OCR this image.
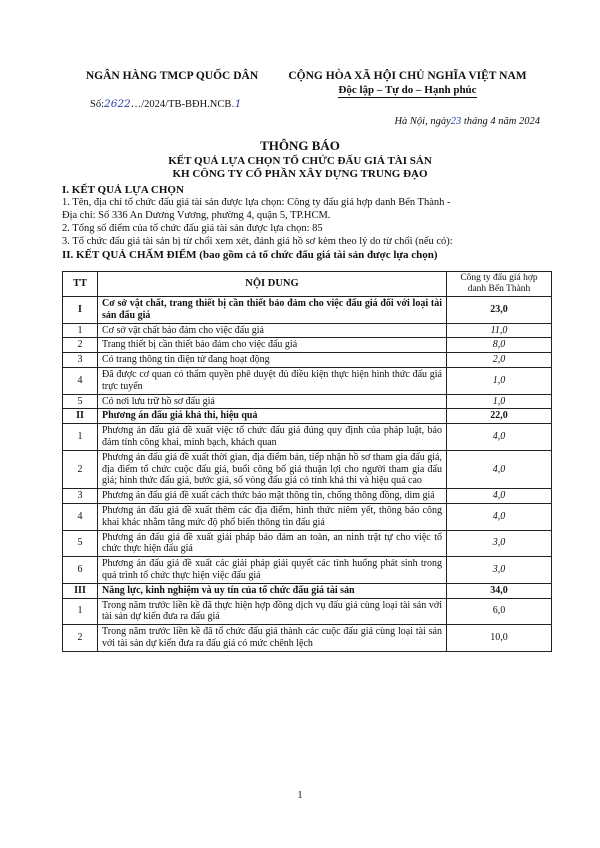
NGÂN HÀNG TMCP QUỐC DÂN	CỘNG HÒA XÃ HỘI CHỦ NGHĨA VIỆT NAM
Độc lập – Tự do – Hạnh phúc
Số:2622…/2024/TB-BĐH.NCB.1
Hà Nội, ngày23 tháng 4 năm 2024
THÔNG BÁO
KẾT QUẢ LỰA CHỌN TỔ CHỨC ĐẤU GIÁ TÀI SẢN
KH CÔNG TY CỔ PHẦN XÂY DỰNG TRUNG ĐẠO
I. KẾT QUẢ LỰA CHỌN
1. Tên, địa chỉ tổ chức đấu giá tài sản được lựa chọn: Công ty đấu giá hợp danh Bến Thành -
Địa chỉ: Số 336 An Dương Vương, phường 4, quận 5, TP.HCM.
2. Tổng số điểm của tổ chức đấu giá tài sản được lựa chọn: 85
3. Tổ chức đấu giá tài sản bị từ chối xem xét, đánh giá hồ sơ kèm theo lý do từ chối (nếu có):
II. KẾT QUẢ CHẤM ĐIỂM (bao gồm cả tổ chức đấu giá tài sản được lựa chọn)
TT	NỘI DUNG	Công ty đấu giá hợp danh Bến Thành
I	Cơ sở vật chất, trang thiết bị cần thiết bảo đảm cho việc đấu giá đối với loại tài sản đấu giá	23,0
1	Cơ sở vật chất bảo đảm cho việc đấu giá	11,0
2	Trang thiết bị cần thiết bảo đảm cho việc đấu giá	8,0
3	Có trang thông tin điện tử đang hoạt động	2,0
4	Đã được cơ quan có thẩm quyền phê duyệt đủ điều kiện thực hiện hình thức đấu giá trực tuyến	1,0
5	Có nơi lưu trữ hồ sơ đấu giá	1,0
II	Phương án đấu giá khả thi, hiệu quả	22,0
1	Phương án đấu giá đề xuất việc tổ chức đấu giá đúng quy định của pháp luật, bảo đảm tính công khai, minh bạch, khách quan	4,0
2	Phương án đấu giá đề xuất thời gian, địa điểm bán, tiếp nhận hồ sơ tham gia đấu giá, địa điểm tổ chức cuộc đấu giá, buổi công bố giá thuận lợi cho người tham gia đấu giá; hình thức đấu giá, bước giá, số vòng đấu giá có tính khả thi và hiệu quả cao	4,0
3	Phương án đấu giá đề xuất cách thức bảo mật thông tin, chống thông đồng, dìm giá	4,0
4	Phương án đấu giá đề xuất thêm các địa điểm, hình thức niêm yết, thông báo công khai khác nhằm tăng mức độ phổ biến thông tin đấu giá	4,0
5	Phương án đấu giá đề xuất giải pháp bảo đảm an toàn, an ninh trật tự cho việc tổ chức thực hiện đấu giá	3,0
6	Phương án đấu giá đề xuất các giải pháp giải quyết các tình huống phát sinh trong quá trình tổ chức thực hiện việc đấu giá	3,0
III	Năng lực, kinh nghiệm và uy tín của tổ chức đấu giá tài sản	34,0
1	Trong năm trước liền kề đã thực hiện hợp đồng dịch vụ đấu giá cùng loại tài sản với tài sản dự kiến đưa ra đấu giá	6,0
2	Trong năm trước liền kề đã tổ chức đấu giá thành các cuộc đấu giá cùng loại tài sản với tài sản dự kiến đưa ra đấu giá có mức chênh lệch	10,0
1
